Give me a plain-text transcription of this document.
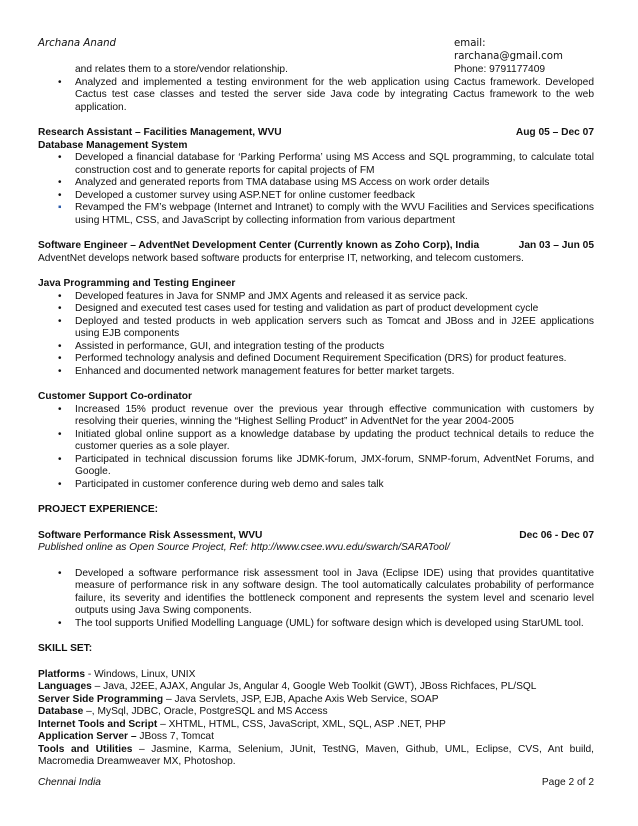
Archana Anand	email: rarchana@gmail.com
Phone: 9791177409
and relates them to a store/vendor relationship.
• Analyzed and implemented a testing environment for the web application using Cactus framework. Developed Cactus test case classes and tested the server side Java code by integrating Cactus framework to the web application.
Research Assistant – Facilities Management, WVU	Aug 05 – Dec 07
Database Management System
• Developed a financial database for ‘Parking Performa’ using MS Access and SQL programming, to calculate total construction cost and to generate reports for capital projects of FM
• Analyzed and generated reports from TMA database using MS Access on work order details
• Developed a customer survey using ASP.NET for online customer feedback
▪ Revamped the FM’s webpage (Internet and Intranet) to comply with the WVU Facilities and Services specifications using HTML, CSS, and JavaScript by collecting information from various department
Software Engineer – AdventNet Development Center (Currently known as Zoho Corp), India	Jan 03 – Jun 05
AdventNet develops network based software products for enterprise IT, networking, and telecom customers.
Java Programming and Testing Engineer
• Developed features in Java for SNMP and JMX Agents and released it as service pack.
• Designed and executed test cases used for testing and validation as part of product development cycle
• Deployed and tested products in web application servers such as Tomcat and JBoss and in J2EE applications using EJB components
• Assisted in performance, GUI, and integration testing of the products
• Performed technology analysis and defined Document Requirement Specification (DRS) for product features.
• Enhanced and documented network management features for better market targets.
Customer Support Co-ordinator
• Increased 15% product revenue over the previous year through effective communication with customers by resolving their queries, winning the “Highest Selling Product” in AdventNet for the year 2004-2005
• Initiated global online support as a knowledge database by updating the product technical details to reduce the customer queries as a sole player.
• Participated in technical discussion forums like JDMK-forum, JMX-forum, SNMP-forum, AdventNet Forums, and Google.
• Participated in customer conference during web demo and sales talk
PROJECT EXPERIENCE:
Software Performance Risk Assessment, WVU	Dec 06 - Dec 07
Published online as Open Source Project, Ref: http://www.csee.wvu.edu/swarch/SARATool/
• Developed a software performance risk assessment tool in Java (Eclipse IDE) using that provides quantitative measure of performance risk in any software design. The tool automatically calculates probability of performance failure, its severity and identifies the bottleneck component and represents the system level and scenario level outputs using Java Swing components.
• The tool supports Unified Modelling Language (UML) for software design which is developed using StarUML tool.
SKILL SET:
Platforms - Windows, Linux, UNIX
Languages – Java, J2EE, AJAX, Angular Js, Angular 4, Google Web Toolkit (GWT), JBoss Richfaces, PL/SQL
Server Side Programming – Java Servlets, JSP, EJB, Apache Axis Web Service, SOAP
Database –, MySql, JDBC, Oracle, PostgreSQL and MS Access
Internet Tools and Script – XHTML, HTML, CSS, JavaScript, XML, SQL, ASP .NET, PHP
Application Server – JBoss 7, Tomcat
Tools and Utilities – Jasmine, Karma, Selenium, JUnit, TestNG, Maven, Github, UML, Eclipse, CVS, Ant build, Macromedia Dreamweaver MX, Photoshop.
Chennai India	Page 2 of 2
